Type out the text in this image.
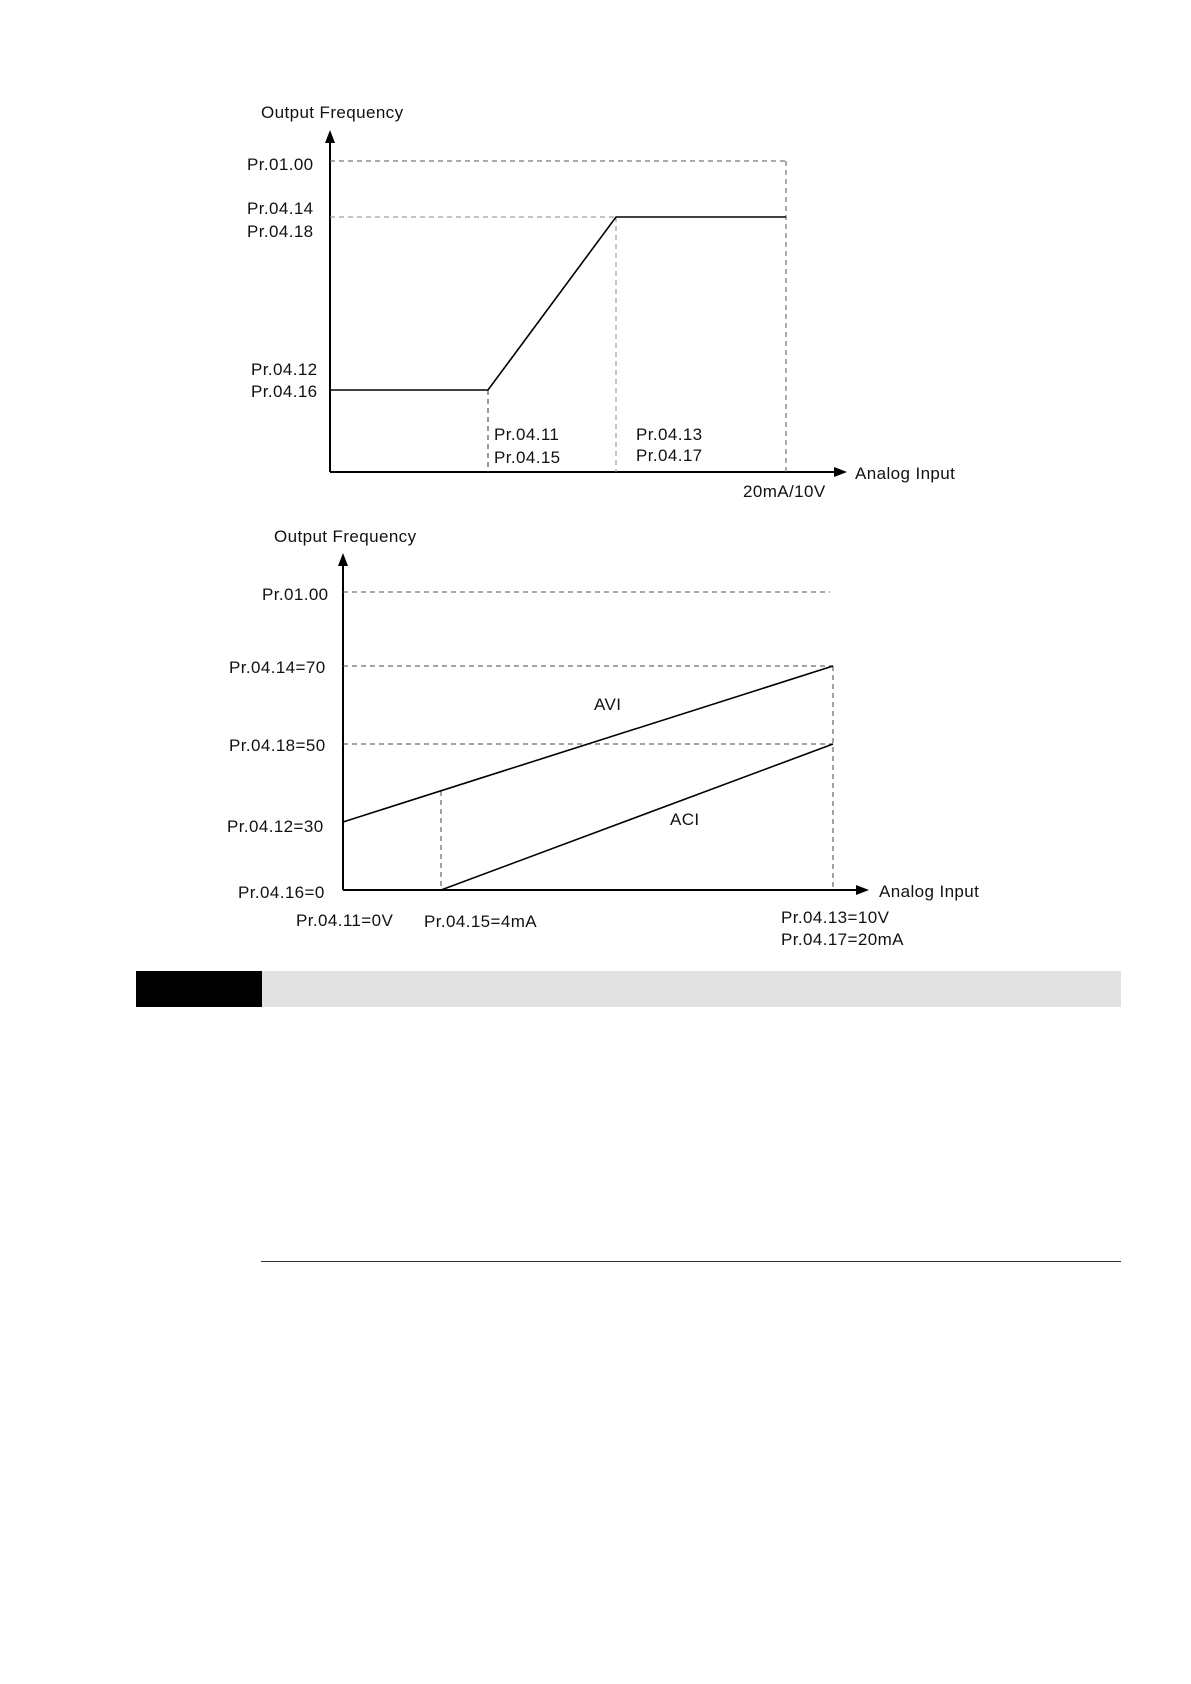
Output Frequency
Analog Input
Pr.01.00
Pr.04.14
Pr.04.18
Pr.04.12
Pr.04.16
Pr.04.11
Pr.04.15
Pr.04.13
Pr.04.17
20mA/10V
Output Frequency
Analog Input
AVI
ACI
Pr.01.00
Pr.04.14=70
Pr.04.18=50
Pr.04.12=30
Pr.04.16=0
Pr.04.11=0V Pr.04.15=4mA	Pr.04.13=10V
Pr.04.17=20mA
